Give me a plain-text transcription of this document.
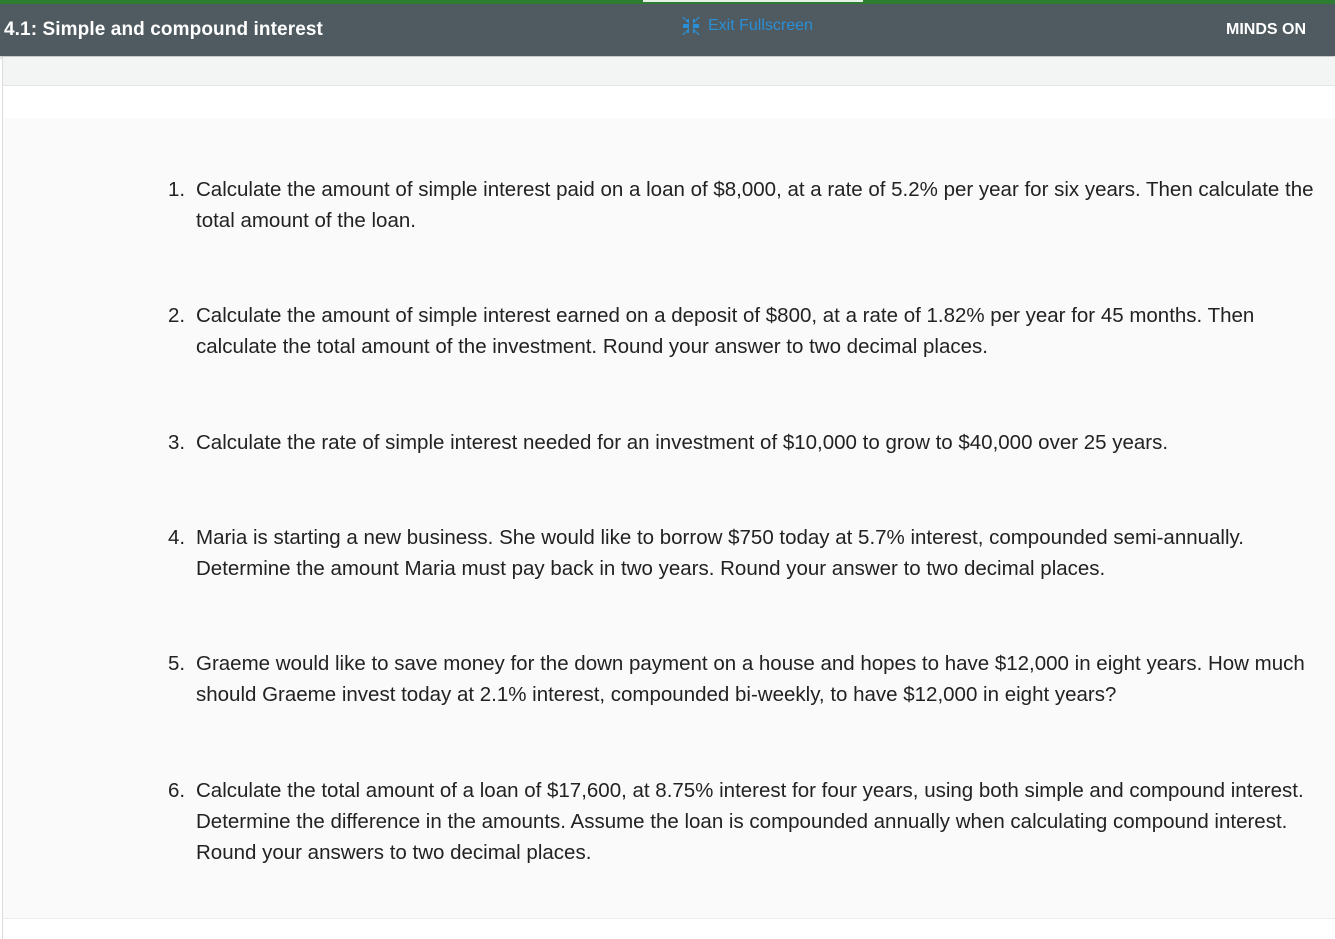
4.1: Simple and compound interest	Exit Fullscreen	MINDS ON
1. Calculate the amount of simple interest paid on a loan of $8,000, at a rate of 5.2% per year for six years. Then calculate the total amount of the loan.
2. Calculate the amount of simple interest earned on a deposit of $800, at a rate of 1.82% per year for 45 months. Then calculate the total amount of the investment. Round your answer to two decimal places.
3. Calculate the rate of simple interest needed for an investment of $10,000 to grow to $40,000 over 25 years.
4. Maria is starting a new business. She would like to borrow $750 today at 5.7% interest, compounded semi-annually. Determine the amount Maria must pay back in two years. Round your answer to two decimal places.
5. Graeme would like to save money for the down payment on a house and hopes to have $12,000 in eight years. How much should Graeme invest today at 2.1% interest, compounded bi-weekly, to have $12,000 in eight years?
6. Calculate the total amount of a loan of $17,600, at 8.75% interest for four years, using both simple and compound interest. Determine the difference in the amounts. Assume the loan is compounded annually when calculating compound interest. Round your answers to two decimal places.
